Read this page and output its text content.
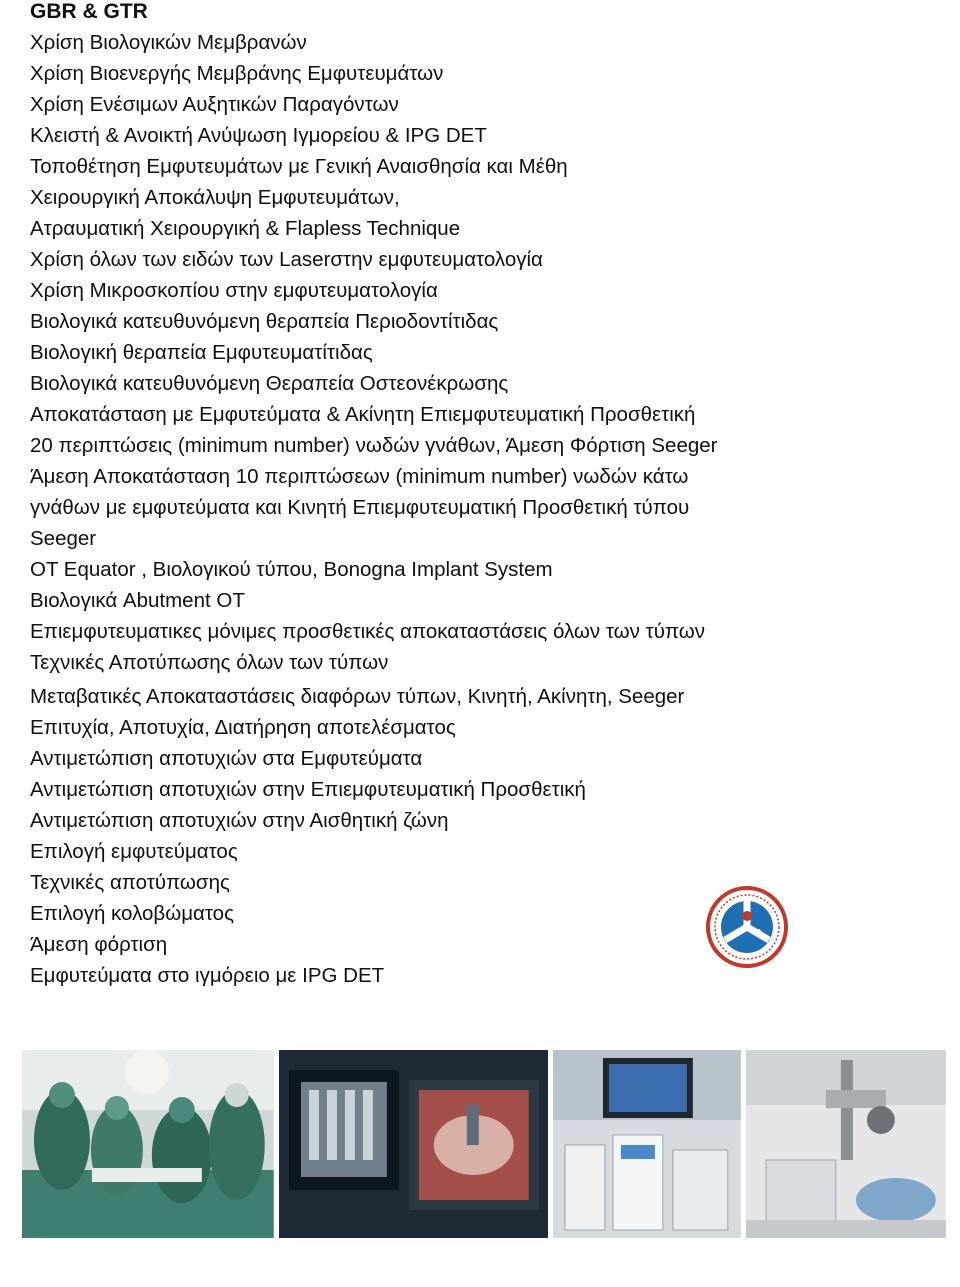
GBR & GTR
Χρίση Βιολογικών Μεμβρανών
Χρίση Βιοενεργής Μεμβράνης Εμφυτευμάτων
Χρίση Ενέσιμων Αυξητικών Παραγόντων
Κλειστή & Ανοικτή Ανύψωση Ιγμορείου & IPG DET
Τοποθέτηση Εμφυτευμάτων με Γενική Αναισθησία και Μέθη
Χειρουργική Αποκάλυψη Εμφυτευμάτων,
Ατραυματική Χειρουργική & Flapless Technique
Χρίση όλων των ειδών των Laserστην εμφυτευματολογία
Χρίση Μικροσκοπίου στην εμφυτευματολογία
Βιολογικά κατευθυνόμενη θεραπεία Περιοδοντίτιδας
Βιολογική θεραπεία Εμφυτευματίτιδας
Βιολογικά κατευθυνόμενη Θεραπεία Οστεονέκρωσης
Αποκατάσταση με Εμφυτεύματα & Ακίνητη Επιεμφυτευματική Προσθετική
20 περιπτώσεις (minimum number) νωδών γνάθων, Άμεση Φόρτιση Seeger
Άμεση Αποκατάσταση 10 περιπτώσεων (minimum number) νωδών κάτω
γνάθων με εμφυτεύματα και Κινητή Επιεμφυτευματική Προσθετική τύπου
Seeger
OT Equator , Βιολογικού τύπου, Bonogna Implant System
Βιολογικά Abutment OT
Επιεμφυτευματικες μόνιμες προσθετικές αποκαταστάσεις όλων των τύπων
Τεχνικές Αποτύπωσης όλων των τύπων
Μεταβατικές Αποκαταστάσεις διαφόρων τύπων, Κινητή, Ακίνητη, Seeger
Επιτυχία, Αποτυχία, Διατήρηση αποτελέσματος
Αντιμετώπιση αποτυχιών στα Εμφυτεύματα
Αντιμετώπιση αποτυχιών στην Επιεμφυτευματική Προσθετική
Αντιμετώπιση αποτυχιών στην Αισθητική ζώνη
Επιλογή εμφυτεύματος
Τεχνικές αποτύπωσης
Επιλογή κολοβώματος
Άμεση φόρτιση
Εμφυτεύματα στο ιγμόρειο με IPG DET
